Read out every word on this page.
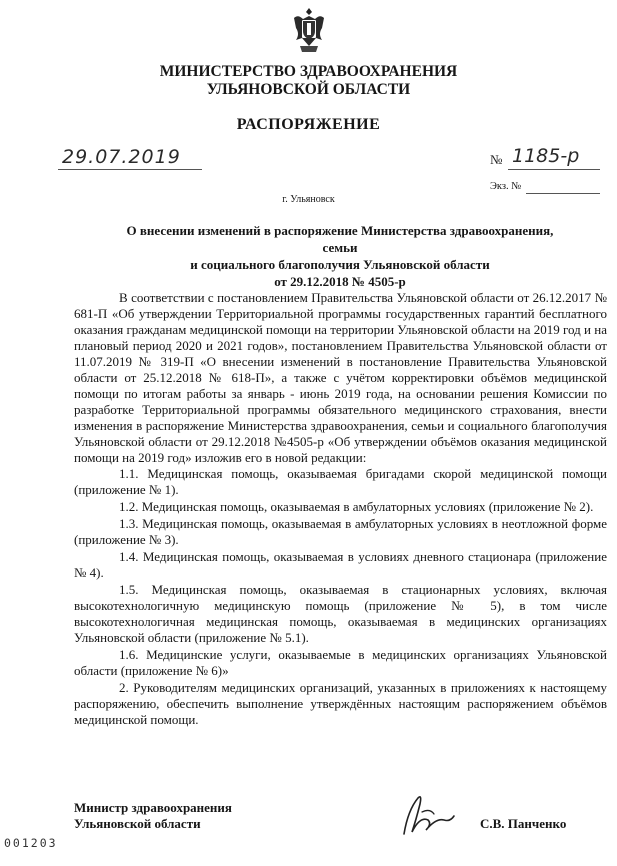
МИНИСТЕРСТВО ЗДРАВООХРАНЕНИЯ
УЛЬЯНОВСКОЙ ОБЛАСТИ
РАСПОРЯЖЕНИЕ
29.07.2019	№ 1185-р
Экз. №
г. Ульяновск
О внесении изменений в распоряжение Министерства здравоохранения, семьи
и социального благополучия Ульяновской области
от 29.12.2018 № 4505-р

В соответствии с постановлением Правительства Ульяновской области от 26.12.2017 № 681-П «Об утверждении Территориальной программы государственных гарантий бесплатного оказания гражданам медицинской помощи на территории Ульяновской области на 2019 год и на плановый период 2020 и 2021 годов», постановлением Правительства Ульяновской области от 11.07.2019 № 319-П «О внесении изменений в постановление Правительства Ульяновской области от 25.12.2018 № 618-П», а также с учётом корректировки объёмов медицинской помощи по итогам работы за январь - июнь 2019 года, на основании решения Комиссии по разработке Территориальной программы обязательного медицинского страхования, внести изменения в распоряжение Министерства здравоохранения, семьи и социального благополучия Ульяновской области от 29.12.2018 №4505-р «Об утверждении объёмов оказания медицинской помощи на 2019 год» изложив его в новой редакции:

1.1. Медицинская помощь, оказываемая бригадами скорой медицинской помощи (приложение № 1).

1.2. Медицинская помощь, оказываемая в амбулаторных условиях (приложение № 2).

1.3. Медицинская помощь, оказываемая в амбулаторных условиях в неотложной форме (приложение № 3).

1.4. Медицинская помощь, оказываемая в условиях дневного стационара (приложение № 4).

1.5. Медицинская помощь, оказываемая в стационарных условиях, включая высокотехнологичную медицинскую помощь (приложение № 5), в том числе высокотехнологичная медицинская помощь, оказываемая в медицинских организациях Ульяновской области (приложение № 5.1).

1.6. Медицинские услуги, оказываемые в медицинских организациях Ульяновской области (приложение № 6)»

2. Руководителям медицинских организаций, указанных в приложениях к настоящему распоряжению, обеспечить выполнение утверждённых настоящим распоряжением объёмов медицинской помощи.

Министр здравоохранения
Ульяновской области	С.В. Панченко
001203
